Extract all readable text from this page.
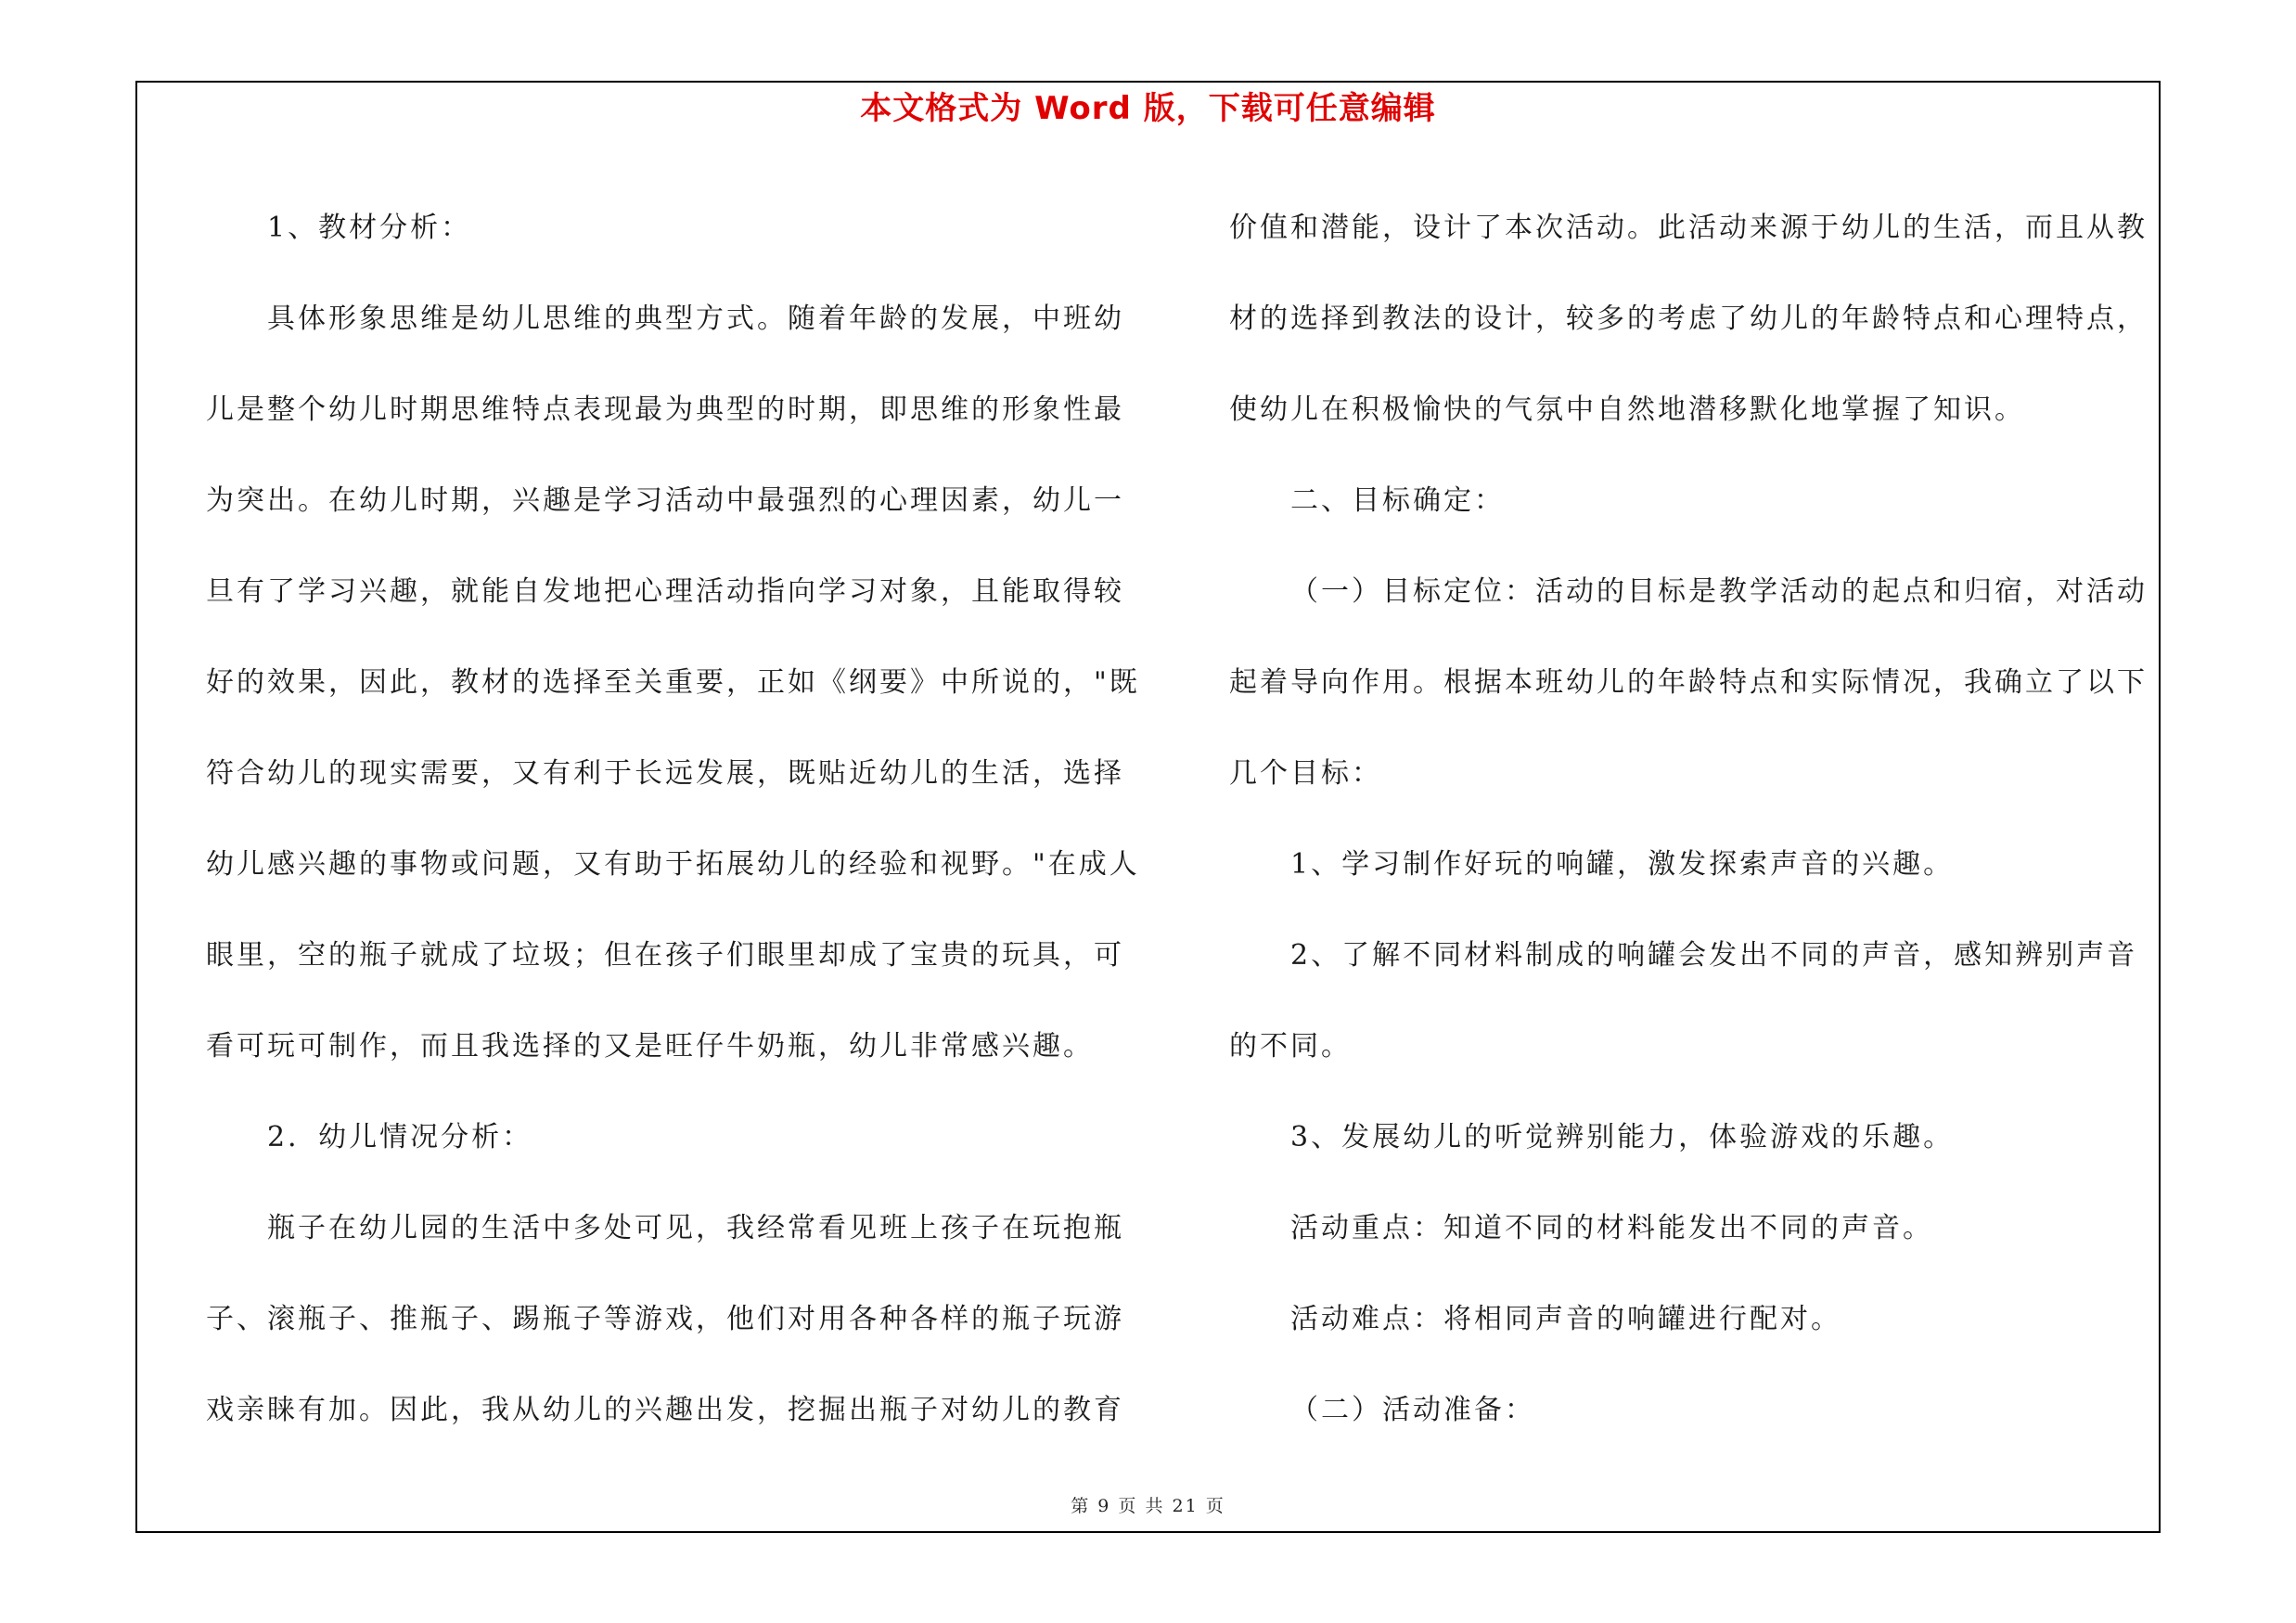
本文格式为 Word 版，下载可任意编辑

1、教材分析：

具体形象思维是幼儿思维的典型方式。随着年龄的发展，中班幼儿是整个幼儿时期思维特点表现最为典型的时期，即思维的形象性最为突出。在幼儿时期，兴趣是学习活动中最强烈的心理因素，幼儿一旦有了学习兴趣，就能自发地把心理活动指向学习对象，且能取得较好的效果，因此，教材的选择至关重要，正如《纲要》中所说的，"既符合幼儿的现实需要，又有利于长远发展，既贴近幼儿的生活，选择幼儿感兴趣的事物或问题，又有助于拓展幼儿的经验和视野。"在成人眼里，空的瓶子就成了垃圾；但在孩子们眼里却成了宝贵的玩具，可看可玩可制作，而且我选择的又是旺仔牛奶瓶，幼儿非常感兴趣。

2．幼儿情况分析：

瓶子在幼儿园的生活中多处可见，我经常看见班上孩子在玩抱瓶子、滚瓶子、推瓶子、踢瓶子等游戏，他们对用各种各样的瓶子玩游戏亲睐有加。因此，我从幼儿的兴趣出发，挖掘出瓶子对幼儿的教育

价值和潜能，设计了本次活动。此活动来源于幼儿的生活，而且从教材的选择到教法的设计，较多的考虑了幼儿的年龄特点和心理特点，使幼儿在积极愉快的气氛中自然地潜移默化地掌握了知识。

二、目标确定：

（一）目标定位：活动的目标是教学活动的起点和归宿，对活动起着导向作用。根据本班幼儿的年龄特点和实际情况，我确立了以下几个目标：

1、学习制作好玩的响罐，激发探索声音的兴趣。

2、了解不同材料制成的响罐会发出不同的声音，感知辨别声音的不同。

3、发展幼儿的听觉辨别能力，体验游戏的乐趣。

活动重点：知道不同的材料能发出不同的声音。

活动难点：将相同声音的响罐进行配对。

（二）活动准备：

第 9 页 共 21 页
